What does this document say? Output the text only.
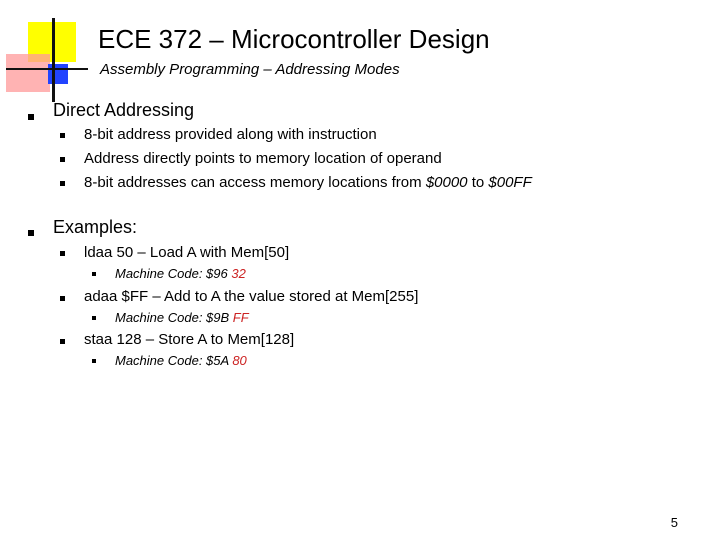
ECE 372 – Microcontroller Design
Assembly Programming – Addressing Modes
Direct Addressing
8-bit address provided along with instruction
Address directly points to memory location of operand
8-bit addresses can access memory locations from $0000 to $00FF
Examples:
ldaa 50 – Load A with Mem[50]
Machine Code: $96 32
adaa $FF – Add to A the value stored at Mem[255]
Machine Code: $9B FF
staa 128 – Store A to Mem[128]
Machine Code: $5A 80
5
